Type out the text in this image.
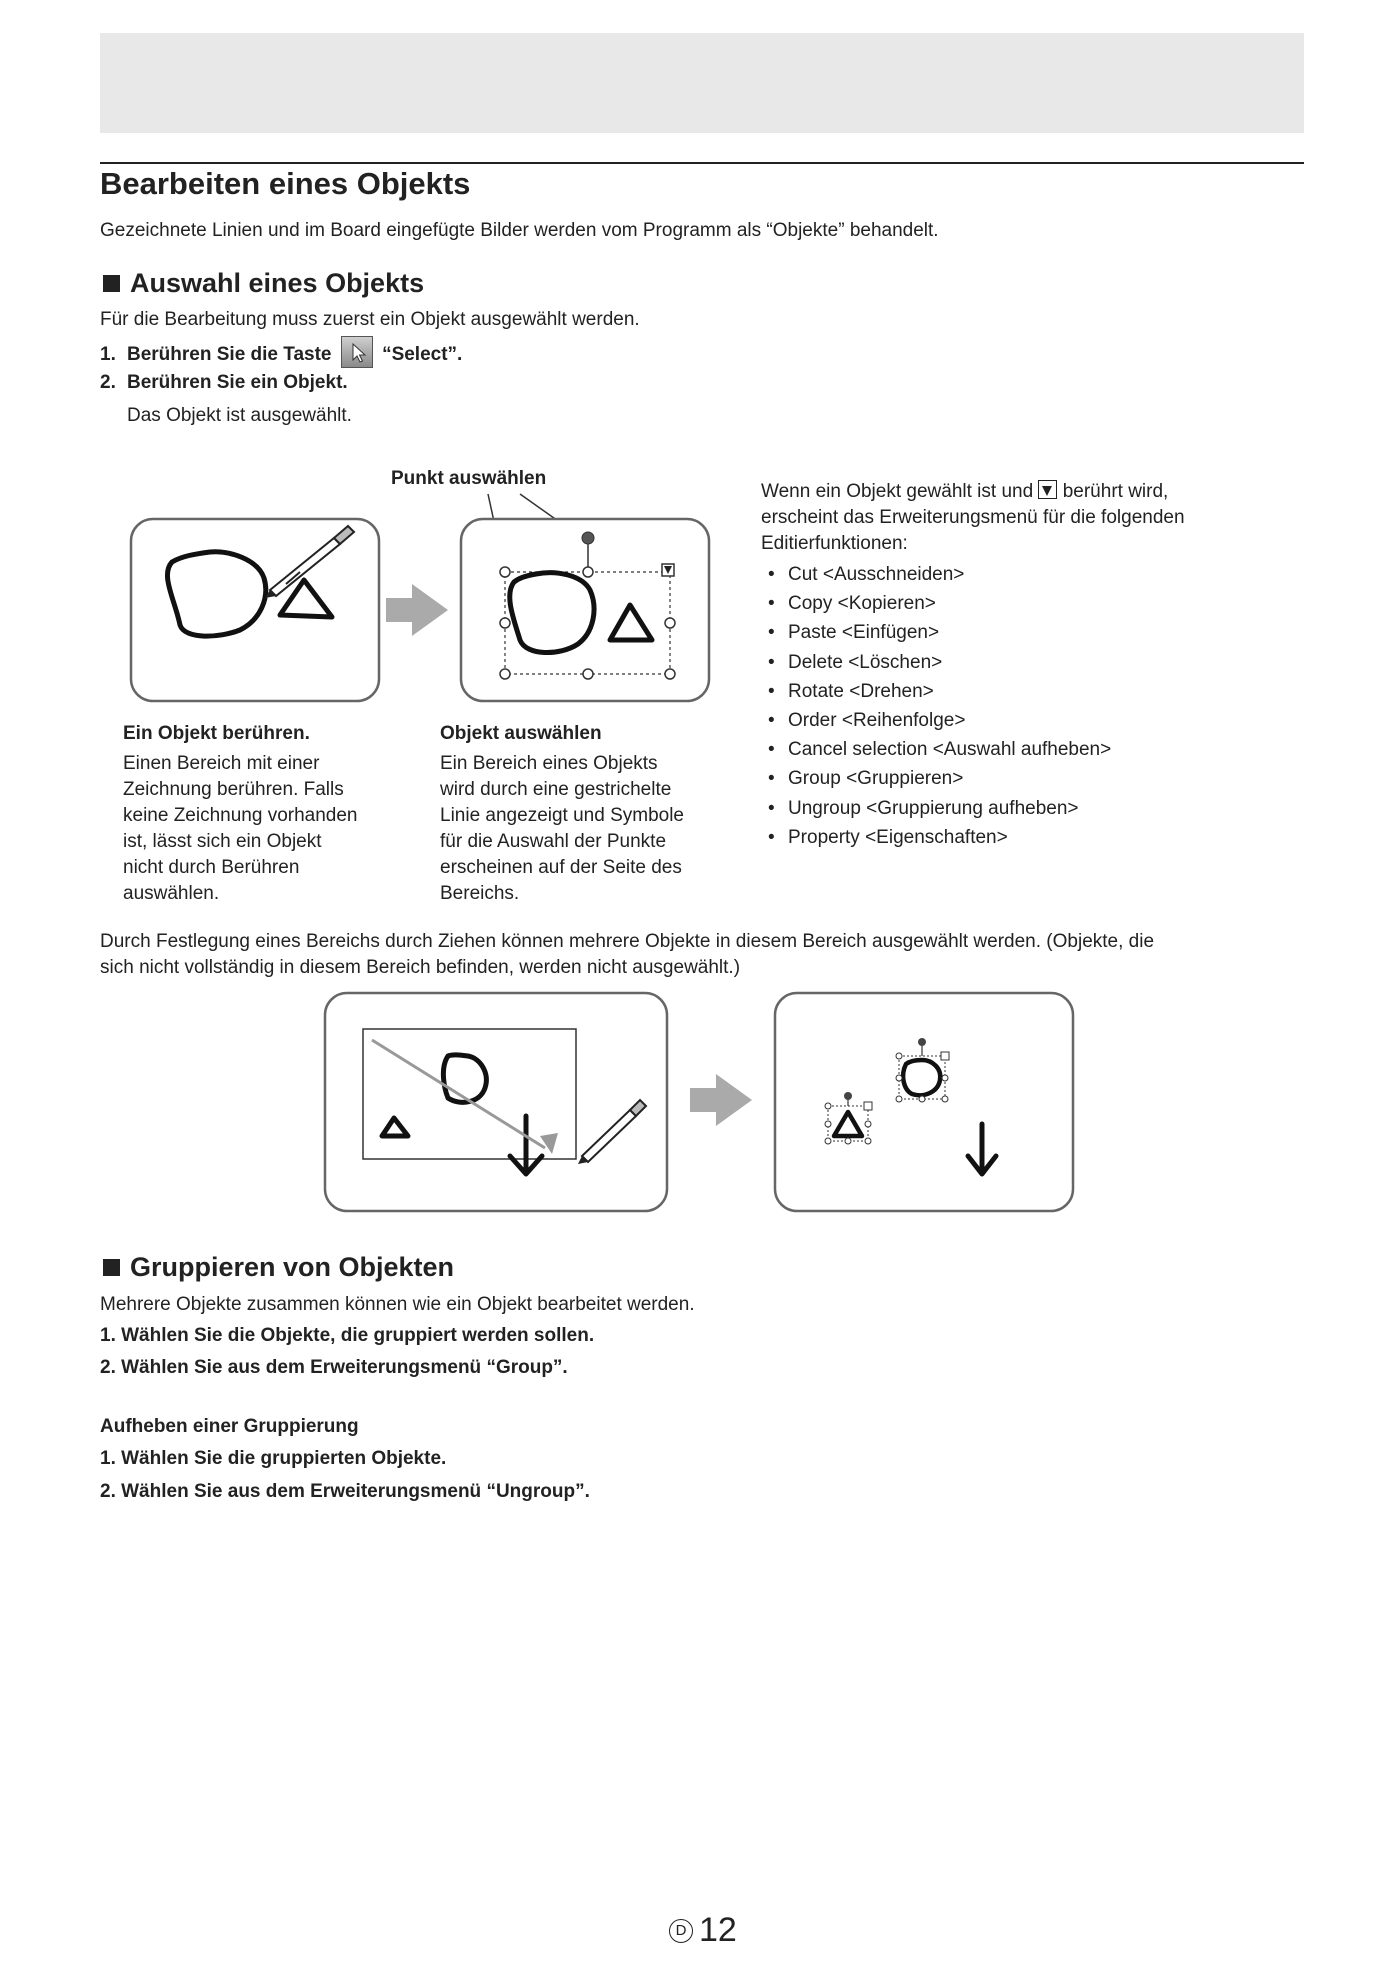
Bearbeiten eines Objekts
Gezeichnete Linien und im Board eingefügte Bilder werden vom Programm als “Objekte” behandelt.
Auswahl eines Objekts
Für die Bearbeitung muss zuerst ein Objekt ausgewählt werden.
1. Berühren Sie die Taste	“Select”.
2. Berühren Sie ein Objekt.
Das Objekt ist ausgewählt.
Punkt auswählen
Ein Objekt berühren.
Einen Bereich mit einer
Zeichnung berühren. Falls
keine Zeichnung vorhanden
ist, lässt sich ein Objekt
nicht durch Berühren
auswählen.
Objekt auswählen
Ein Bereich eines Objekts
wird durch eine gestrichelte
Linie angezeigt und Symbole
für die Auswahl der Punkte
erscheinen auf der Seite des
Bereichs.
Wenn ein Objekt gewählt ist und berührt wird,
erscheint das Erweiterungsmenü für die folgenden
Editierfunktionen:
• Cut <Ausschneiden>
• Copy <Kopieren>
• Paste <Einfügen>
• Delete <Löschen>
• Rotate <Drehen>
• Order <Reihenfolge>
• Cancel selection <Auswahl aufheben>
• Group <Gruppieren>
• Ungroup <Gruppierung aufheben>
• Property <Eigenschaften>
Durch Festlegung eines Bereichs durch Ziehen können mehrere Objekte in diesem Bereich ausgewählt werden. (Objekte, die
sich nicht vollständig in diesem Bereich befinden, werden nicht ausgewählt.)
Gruppieren von Objekten
Mehrere Objekte zusammen können wie ein Objekt bearbeitet werden.
1. Wählen Sie die Objekte, die gruppiert werden sollen.
2. Wählen Sie aus dem Erweiterungsmenü “Group”.
Aufheben einer Gruppierung
1. Wählen Sie die gruppierten Objekte.
2. Wählen Sie aus dem Erweiterungsmenü “Ungroup”.
D 12
